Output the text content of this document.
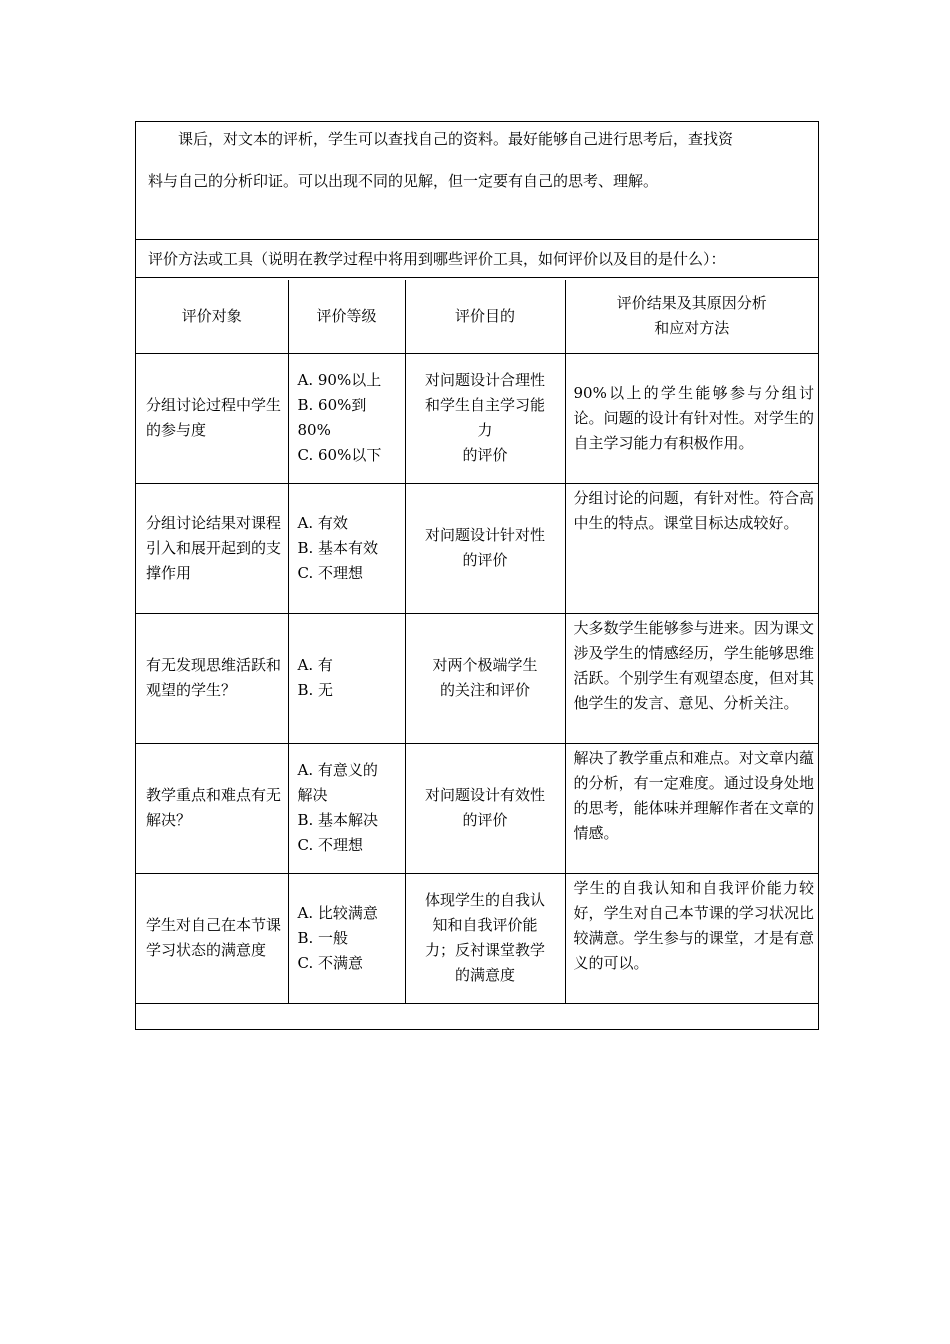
课后，对文本的评析，学生可以查找自己的资料。最好能够自己进行思考后，查找资

料与自己的分析印证。可以出现不同的见解，但一定要有自己的思考、理解。

评价方法或工具（说明在教学过程中将用到哪些评价工具，如何评价以及目的是什么）：
评价对象	评价等级	评价目的	评价结果及其原因分析
和应对方法

分组讨论过程中学生的参与度	A. 90%以上
B. 60%到 80%
C. 60%以下	对问题设计合理性
和学生自主学习能
力
的评价	90%以上的学生能够参与分组讨论。问题的设计有针对性。对学生的自主学习能力有积极作用。
分组讨论结果对课程引入和展开起到的支撑作用	A. 有效
B. 基本有效
C. 不理想	对问题设计针对性
的评价	分组讨论的问题，有针对性。符合高中生的特点。课堂目标达成较好。
有无发现思维活跃和观望的学生？	A. 有
B. 无	对两个极端学生
的关注和评价	大多数学生能够参与进来。因为课文涉及学生的情感经历，学生能够思维活跃。个别学生有观望态度，但对其他学生的发言、意见、分析关注。
教学重点和难点有无解决？	A. 有意义的
解决
B. 基本解决
C. 不理想	对问题设计有效性
的评价	解决了教学重点和难点。对文章内蕴的分析，有一定难度。通过设身处地的思考，能体味并理解作者在文章的情感。
学生对自己在本节课学习状态的满意度	A. 比较满意
B. 一般
C. 不满意	体现学生的自我认
知和自我评价能
力；反衬课堂教学
的满意度	学生的自我认知和自我评价能力较好，学生对自己本节课的学习状况比较满意。学生参与的课堂，才是有意义的可以。
